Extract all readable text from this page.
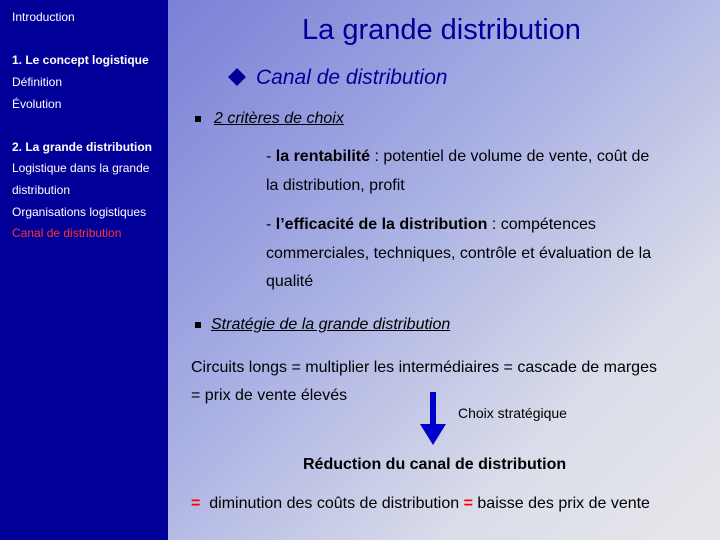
Introduction
1. Le concept logistique
Définition
Évolution
2. La grande distribution
Logistique dans la grande
distribution
Organisations logistiques
Canal de distribution
La grande distribution
Canal de distribution
2 critères de choix
- la rentabilité : potentiel de volume de vente, coût de
la distribution, profit
- l’efficacité de la distribution : compétences
commerciales, techniques, contrôle et évaluation de la
qualité
Stratégie de la grande distribution
Circuits longs = multiplier les intermédiaires = cascade de marges
= prix de vente élevés
Choix stratégique
Réduction du canal de distribution
= diminution des coûts de distribution = baisse des prix de vente
